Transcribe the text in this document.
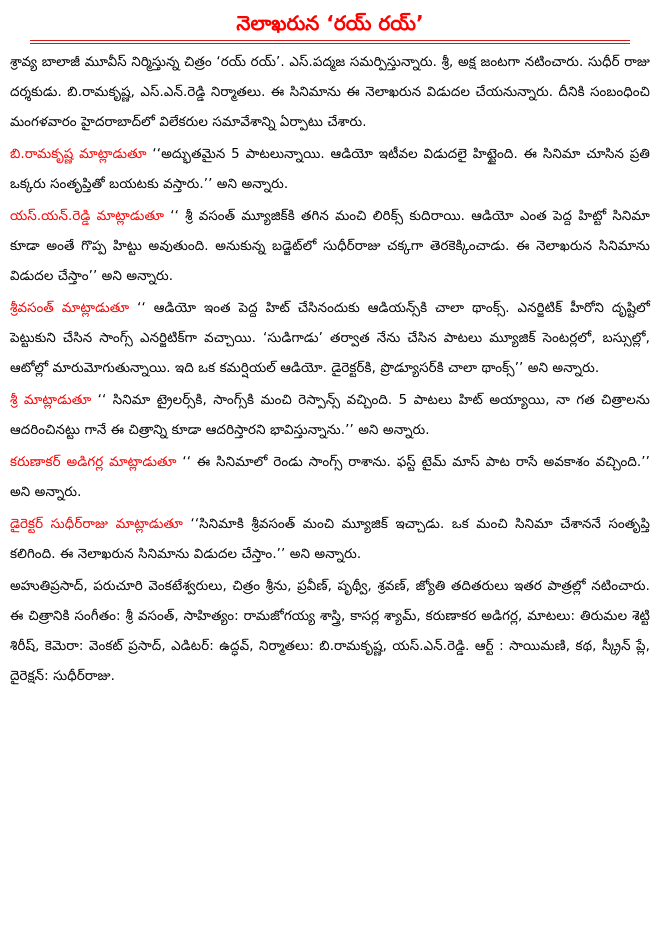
నెలాఖరున ‘రయ్ రయ్’

శ్రావ్య బాలాజీ మూవీస్ నిర్మిస్తున్న చిత్రం ‘రయ్ రయ్’. ఎస్.పద్మజ సమర్పిస్తున్నారు. శ్రీ, అక్ష జంటగా నటించారు. సుధీర్ రాజు దర్శకుడు. బి.రామకృష్ణ, ఎస్.ఎన్.రెడ్డి నిర్మాతలు. ఈ సినిమాను ఈ నెలాఖరున విడుదల చేయనున్నారు. దీనికి సంబంధించి మంగళవారం హైదరాబాద్‌లో విలేకరుల సమావేశాన్ని ఏర్పాటు చేశారు.

బి.రామకృష్ణ మాట్లాడుతూ ‘‘అద్భుతమైన 5 పాటలున్నాయి. ఆడియో ఇటీవల విడుదలై హిట్టైంది. ఈ సినిమా చూసిన ప్రతి ఒక్కరు సంతృప్తితో బయటకు వస్తారు.’’ అని అన్నారు.

యస్.యన్.రెడ్డి మాట్లాడుతూ ‘‘ శ్రీ వసంత్ మ్యూజిక్‌కి తగిన మంచి లిరిక్స్ కుదిరాయి. ఆడియో ఎంత పెద్ద హిట్టో సినిమా కూడా అంతే గొప్ప హిట్టు అవుతుంది. అనుకున్న బడ్జెట్‌లో సుధీర్‌రాజు చక్కగా తెరకెక్కించాడు. ఈ నెలాఖరున సినిమాను విడుదల చేస్తాం’’ అని అన్నారు.

శ్రీవసంత్ మాట్లాడుతూ ‘‘ ఆడియో ఇంత పెద్ద హిట్ చేసినందుకు ఆడియన్స్‌కి చాలా థాంక్స్. ఎనర్జిటిక్ హీరోని దృష్టిలో పెట్టుకుని చేసిన సాంగ్స్ ఎనర్జిటిక్‌గా వచ్చాయి. ‘సుడిగాడు’ తర్వాత నేను చేసిన పాటలు మ్యూజిక్ సెంటర్లలో, బస్సుల్లో, ఆటోల్లో మారుమోగుతున్నాయి. ఇది ఒక కమర్షియల్ ఆడియో. డైరెక్టర్‌కి, ప్రొడ్యూసర్‌కి చాలా థాంక్స్’’ అని అన్నారు.

శ్రీ మాట్లాడుతూ ‘‘ సినిమా ట్రైలర్స్‌కి, సాంగ్స్‌కి మంచి రెస్పాన్స్ వచ్చింది. 5 పాటలు హిట్ అయ్యాయి, నా గత చిత్రాలను ఆదరించినట్టు గానే ఈ చిత్రాన్ని కూడా ఆదరిస్తారని భావిస్తున్నాను.’’ అని అన్నారు.

కరుణాకర్ అడిగర్ల మాట్లాడుతూ ‘‘ ఈ సినిమాలో రెండు సాంగ్స్ రాశాను. ఫస్ట్ టైమ్ మాస్ పాట రాసే అవకాశం వచ్చింది.’’ అని అన్నారు.

డైరెక్టర్ సుధీర్‌రాజు మాట్లాడుతూ ‘‘సినిమాకి శ్రీవసంత్ మంచి మ్యూజిక్ ఇచ్చాడు. ఒక మంచి సినిమా చేశాననే సంతృప్తి కలిగింది. ఈ నెలాఖరున సినిమాను విడుదల చేస్తాం.’’ అని అన్నారు.

అహుతిప్రసాద్, పరుచూరి వెంకటేశ్వరులు, చిత్రం శ్రీను, ప్రవీణ్, పృథ్వీ, శ్రవణ్, జ్యోతి తదితరులు ఇతర పాత్రల్లో నటించారు. ఈ చిత్రానికి సంగీతం: శ్రీ వసంత్, సాహిత్యం: రామజోగయ్య శాస్త్రి, కాసర్ల శ్యామ్, కరుణాకర అడిగర్ల, మాటలు: తిరుమల శెట్టి శిరీష్, కెమెరా: వెంకట్ ప్రసాద్, ఎడిటర్: ఉద్ధవ్, నిర్మాతలు: బి.రామకృష్ణ, యస్.ఎన్.రెడ్డి. ఆర్ట్ : సాయిమణి, కథ, స్క్రీన్ ప్లే, దైరెక్షన్: సుధీర్‌రాజు.
